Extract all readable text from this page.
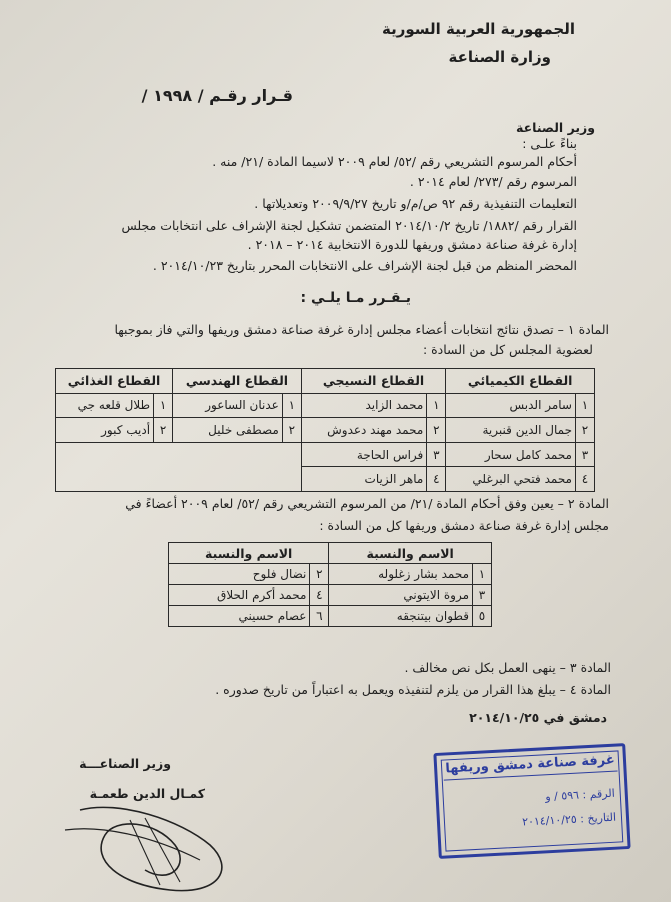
الجمهورية العربية السورية
وزارة الصناعة
قـرار رقـم / ١٩٩٨ /
وزير الصناعة
بناءً علـى :
أحكام المرسوم التشريعي رقم /٥٢/ لعام ٢٠٠٩ لاسيما المادة /٢١/ منه .
المرسوم رقم /٢٧٣/ لعام ٢٠١٤ .
التعليمات التنفيذية رقم ٩٢ ص/م/و تاريخ ٢٠٠٩/٩/٢٧ وتعديلاتها .
القرار رقم /١٨٨٢/ تاريخ ٢٠١٤/١٠/٢ المتضمن تشكيل لجنة الإشراف على انتخابات مجلس
إدارة غرفة صناعة دمشق وريفها للدورة الانتخابية ٢٠١٤ – ٢٠١٨ .
المحضر المنظم من قبل لجنة الإشراف على الانتخابات المحرر بتاريخ ٢٠١٤/١٠/٢٣ .
يـقـرر مـا يلـي :
المادة ١ – تصدق نتائج انتخابات أعضاء مجلس إدارة غرفة صناعة دمشق وريفها والتي فاز بموجبها
لعضوية المجلس كل من السادة :
القطاع الكيميائي		القطاع النسيجي		القطاع الهندسي		القطاع الغذائي	
١	سامر الدبس	١	محمد الزايد	١	عدنان الساعور	١	طلال قلعه جي
٢	جمال الدين قنبرية	٢	محمد مهند دعدوش	٢	مصطفى خليل	٢	أديب كبور
٣	محمد كامل سحار	٣	فراس الحاجة				
٤	محمد فتحي البرغلي	٤	ماهر الزيات				
المادة ٢ – يعين وفق أحكام المادة /٢١/ من المرسوم التشريعي رقم /٥٢/ لعام ٢٠٠٩ أعضاءً في
مجلس إدارة غرفة صناعة دمشق وريفها كل من السادة :
الاسم والنسبة		الاسم والنسبة	
١	محمد بشار زغلوله	٢	نضال فلوح
٣	مروة الايتوني	٤	محمد أكرم الحلاق
٥	قطوان بيتنجقه	٦	عصام حسيني
المادة ٣ – ينهى العمل بكل نص مخالف .
المادة ٤ – يبلغ هذا القرار من يلزم لتنفيذه ويعمل به اعتباراً من تاريخ صدوره .
دمشق في ٢٠١٤/١٠/٢٥
وزير الصناعـــة
كمـال الدين طعمـة
غرفة صناعة دمشق وريفها
الرقم : ٥٩٦ / و
التاريخ : ٢٠١٤/١٠/٢٥
